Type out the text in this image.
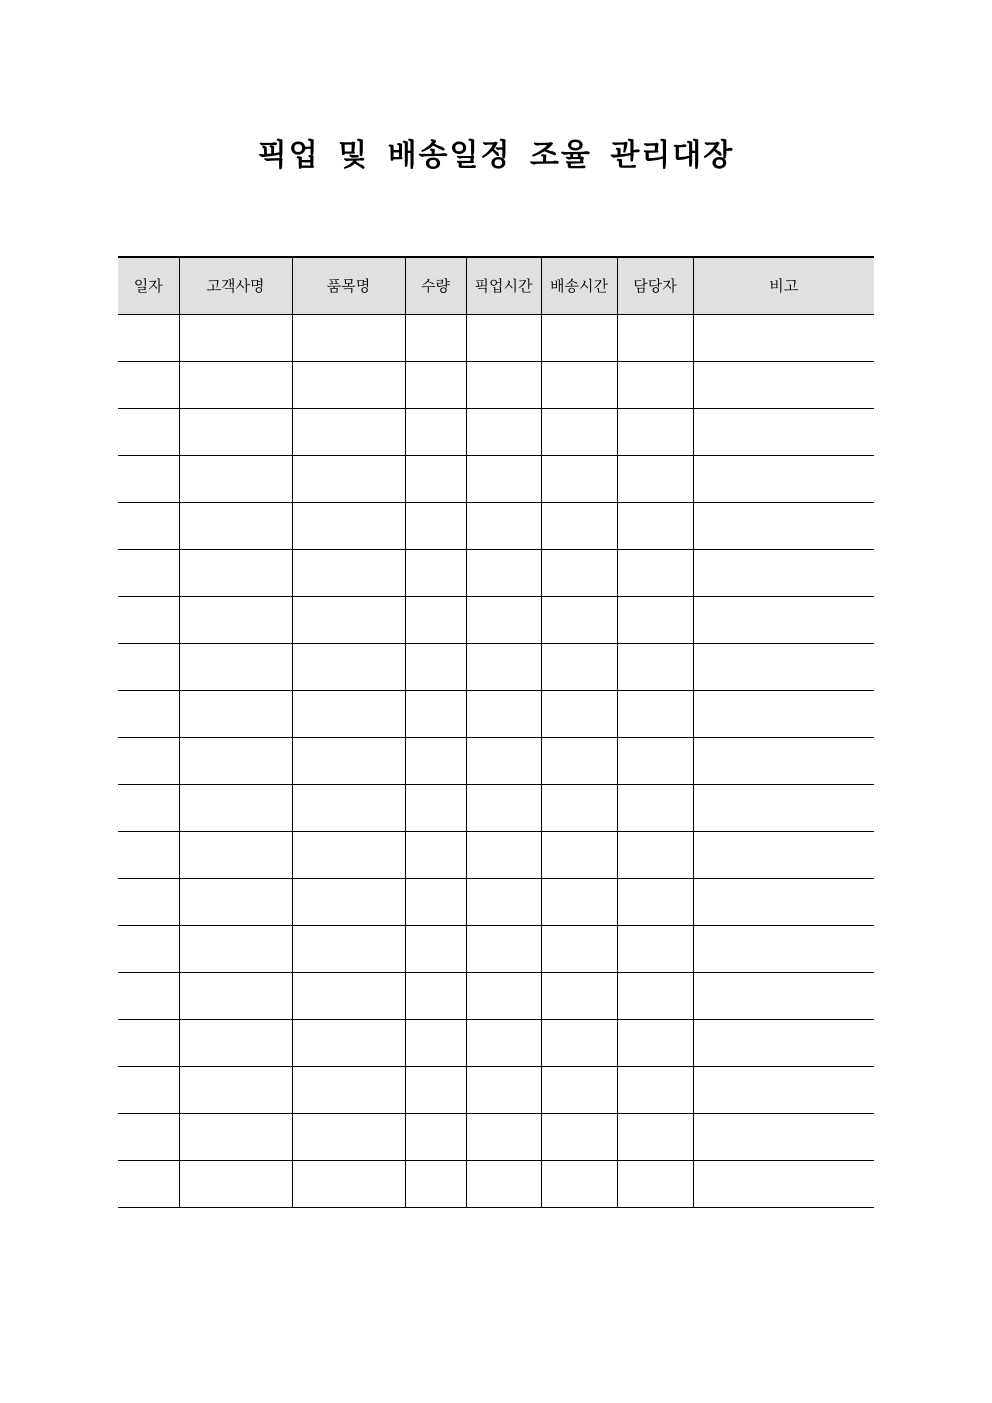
픽업 및 배송일정 조율 관리대장
일자	고객사명	품목명	수량	픽업시간	배송시간	담당자	비고
